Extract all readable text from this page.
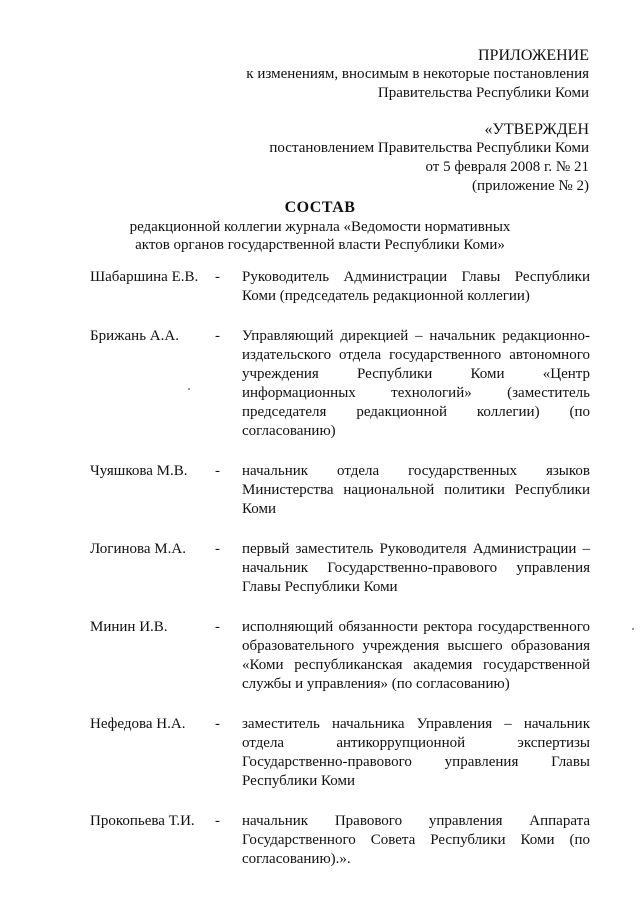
ПРИЛОЖЕНИЕ
к изменениям, вносимым в некоторые постановления
Правительства Республики Коми
«УТВЕРЖДЕН
постановлением Правительства Республики Коми
от 5 февраля 2008 г. № 21
(приложение № 2)
СОСТАВ
редакционной коллегии журнала «Ведомости нормативных
актов органов государственной власти Республики Коми»
Шабаршина Е.В.	-	Руководитель Администрации Главы Республики Коми (председатель редакционной коллегии)
Брижань А.А.	-	Управляющий дирекцией – начальник редакционно-издательского отдела государственного автономного учреждения Республики Коми «Центр информационных технологий» (заместитель председателя редакционной коллегии) (по согласованию)
Чуяшкова М.В.	-	начальник отдела государственных языков Министерства национальной политики Республики Коми
Логинова М.А.	-	первый заместитель Руководителя Администрации – начальник Государственно-правового управления Главы Республики Коми
Минин И.В.	-	исполняющий обязанности ректора государственного образовательного учреждения высшего образования «Коми республиканская академия государственной службы и управления» (по согласованию)
Нефедова Н.А.	-	заместитель начальника Управления – начальник отдела антикоррупционной экспертизы Государственно-правового управления Главы Республики Коми
Прокопьева Т.И.	-	начальник Правового управления Аппарата Государственного Совета Республики Коми (по согласованию).».
